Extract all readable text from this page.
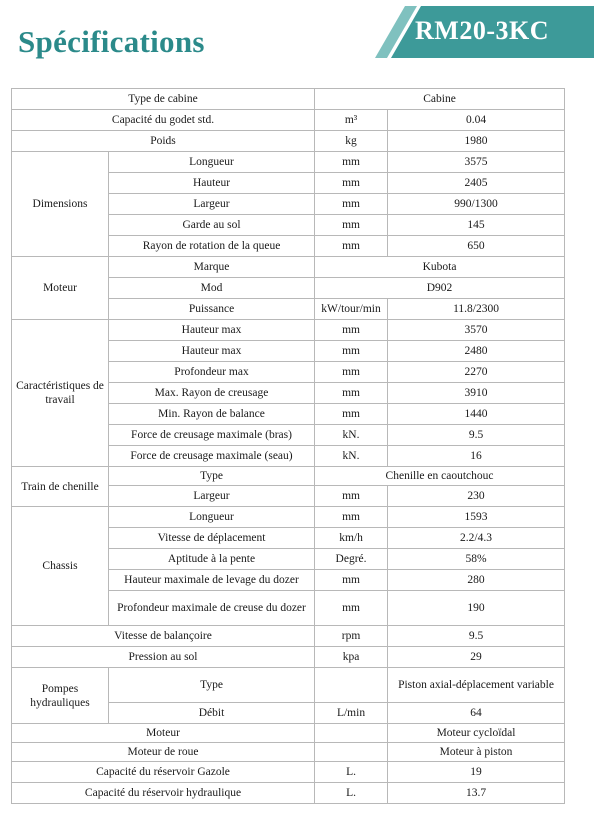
Spécifications	RM20-3KC
Type de cabine		Cabine	
Capacité du godet std.		m³	0.04
Poids		kg	1980
Dimensions	Longueur	mm	3575
	Hauteur	mm	2405
	Largeur	mm	990/1300
	Garde au sol	mm	145
	Rayon de rotation de la queue	mm	650
Moteur	Marque	Kubota	
	Mod	D902	
	Puissance	kW/tour/min	11.8/2300
Caractéristiques de travail	Hauteur max	mm	3570
	Hauteur max	mm	2480
	Profondeur max	mm	2270
	Max. Rayon de creusage	mm	3910
	Min. Rayon de balance	mm	1440
	Force de creusage maximale (bras)	kN.	9.5
	Force de creusage maximale (seau)	kN.	16
Train de chenille	Type	Chenille en caoutchouc	
	Largeur	mm	230
Chassis	Longueur	mm	1593
	Vitesse de déplacement	km/h	2.2/4.3
	Aptitude à la pente	Degré.	58%
	Hauteur maximale de levage du dozer	mm	280
	Profondeur maximale de creuse du dozer	mm	190
Vitesse de balançoire		rpm	9.5
Pression au sol		kpa	29
Pompes hydrauliques	Type		Piston axial-déplacement variable
	Débit	L/min	64
Moteur			Moteur cycloïdal
Moteur de roue			Moteur à piston
Capacité du réservoir Gazole		L.	19
Capacité du réservoir hydraulique		L.	13.7
